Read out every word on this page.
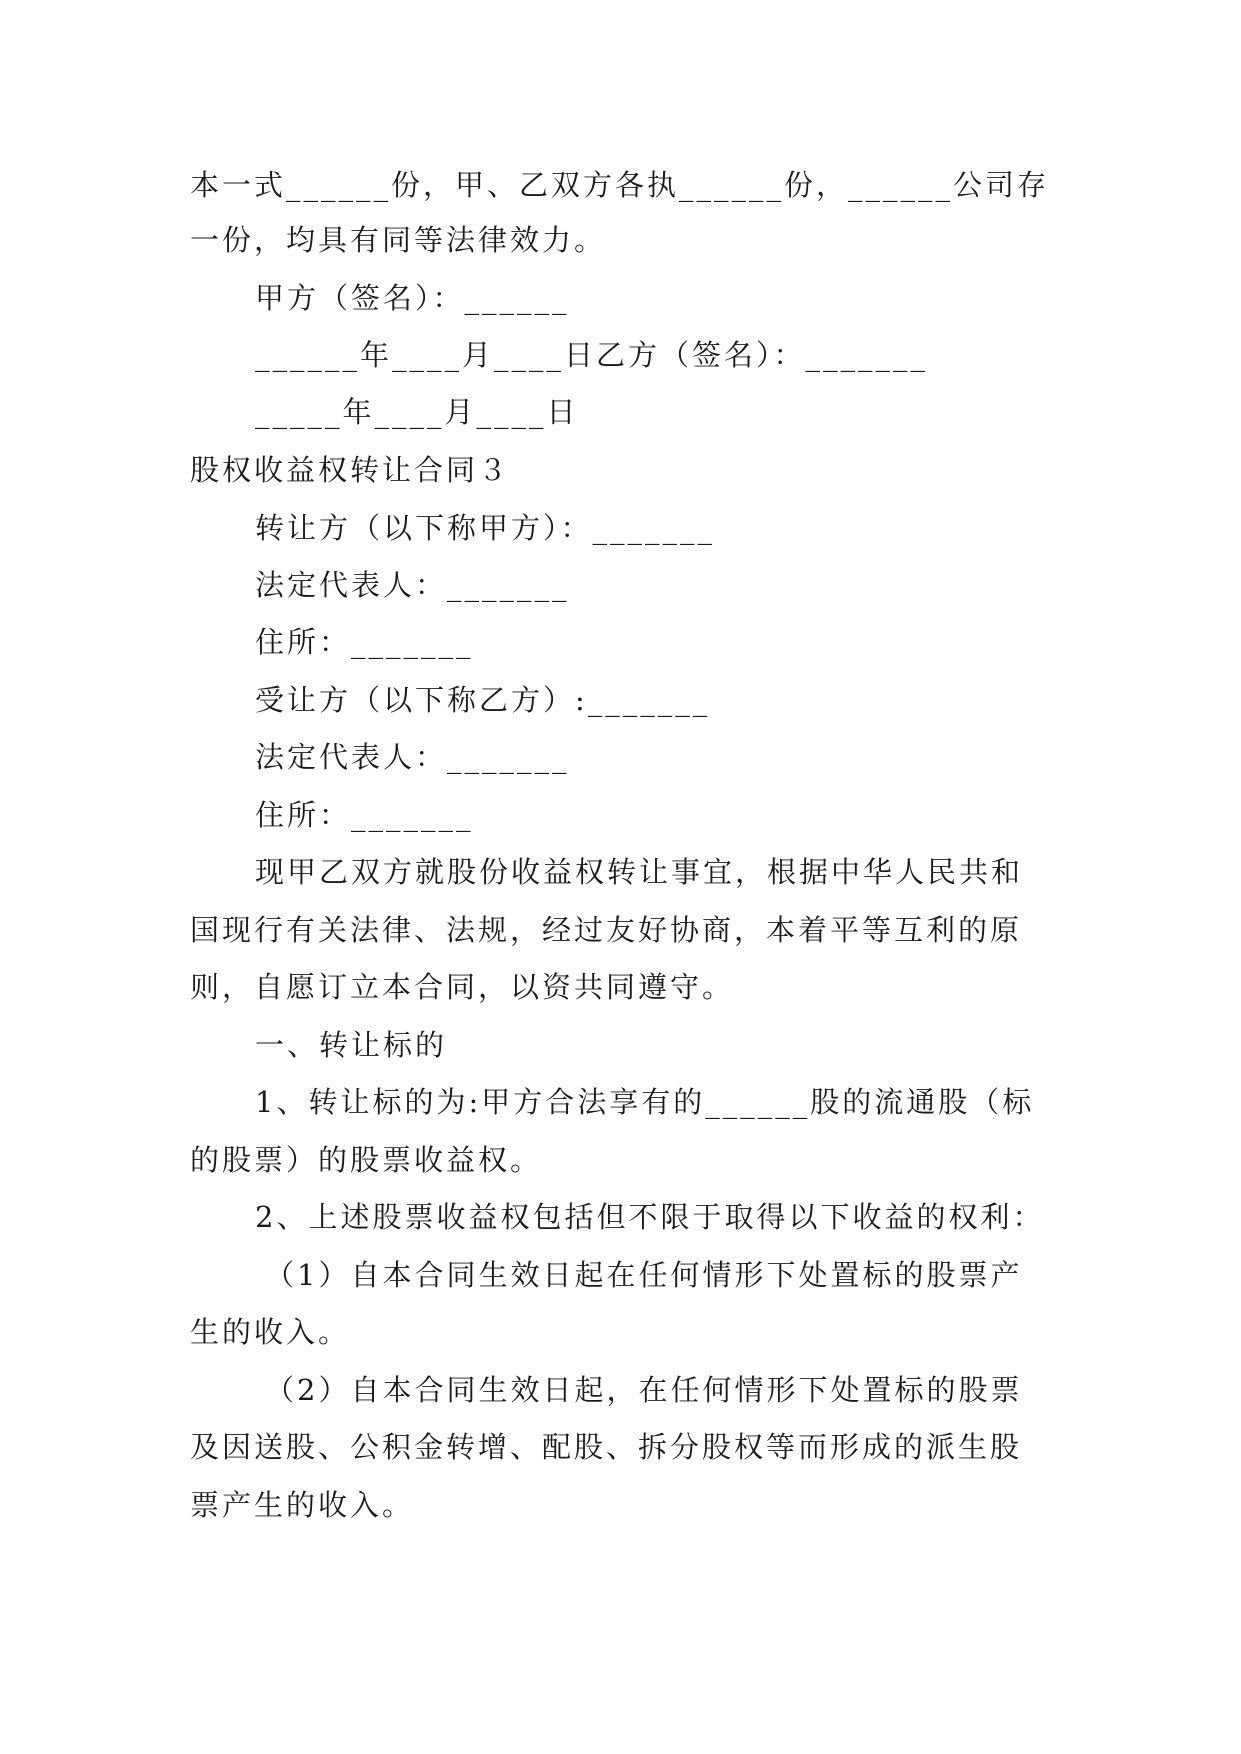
本一式______份，甲、乙双方各执______份，______公司存
一份，均具有同等法律效力。
甲方（签名）：______
______年____月____日乙方（签名）：_______
_____年____月____日
股权收益权转让合同３
转让方（以下称甲方）：_______
法定代表人：_______
住所：_______
受让方（以下称乙方）:_______
法定代表人：_______
住所：_______
现甲乙双方就股份收益权转让事宜，根据中华人民共和
国现行有关法律、法规，经过友好协商，本着平等互利的原
则，自愿订立本合同，以资共同遵守。
一、转让标的
1、转让标的为:甲方合法享有的______股的流通股（标
的股票）的股票收益权。
2、上述股票收益权包括但不限于取得以下收益的权利：
（1）自本合同生效日起在任何情形下处置标的股票产
生的收入。
（2）自本合同生效日起，在任何情形下处置标的股票
及因送股、公积金转增、配股、拆分股权等而形成的派生股
票产生的收入。
